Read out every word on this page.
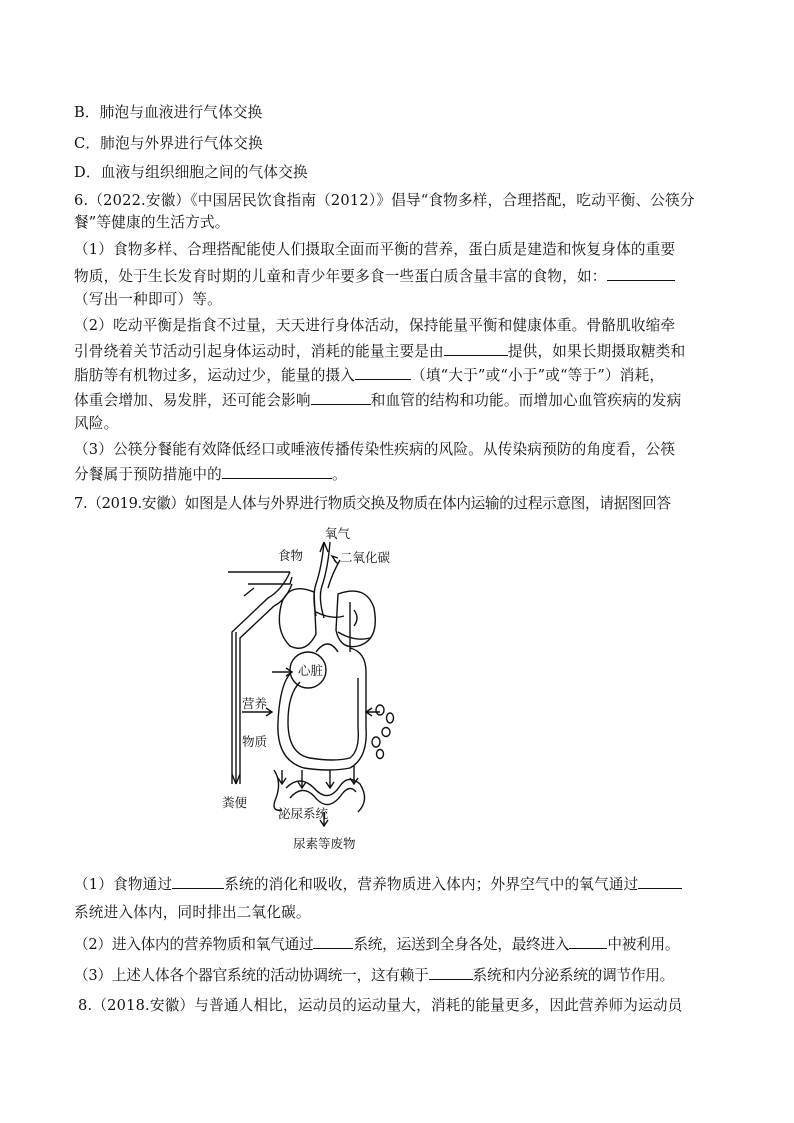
B．肺泡与血液进行气体交换
C．肺泡与外界进行气体交换
D．血液与组织细胞之间的气体交换
6.（2022.安徽）《中国居民饮食指南（2012）》倡导“食物多样，合理搭配，吃动平衡、公筷分
餐”等健康的生活方式。
（1）食物多样、合理搭配能使人们摄取全面而平衡的营养，蛋白质是建造和恢复身体的重要
物质，处于生长发育时期的儿童和青少年要多食一些蛋白质含量丰富的食物，如：
（写出一种即可）等。
（2）吃动平衡是指食不过量，天天进行身体活动，保持能量平衡和健康体重。骨骼肌收缩牵
引骨绕着关节活动引起身体运动时，消耗的能量主要是由	提供，如果长期摄取糖类和
脂肪等有机物过多，运动过少，能量的摄入	（填“大于”或“小于”或“等于”）消耗，
体重会增加、易发胖，还可能会影响	和血管的结构和功能。而增加心血管疾病的发病
风险。
（3）公筷分餐能有效降低经口或唾液传播传染性疾病的风险。从传染病预防的角度看，公筷
分餐属于预防措施中的	。
7.（2019.安徽）如图是人体与外界进行物质交换及物质在体内运输的过程示意图，请据图回答
氧气
食物	二氧化碳
心脏
营养
物质
粪便
泌尿系统
尿素等废物
（1）食物通过	系统的消化和吸收，营养物质进入体内；外界空气中的氧气通过
系统进入体内，同时排出二氧化碳。
（2）进入体内的营养物质和氧气通过	系统，运送到全身各处，最终进入	中被利用。
（3）上述人体各个器官系统的活动协调统一，这有赖于	系统和内分泌系统的调节作用。
8.（2018.安徽）与普通人相比，运动员的运动量大，消耗的能量更多，因此营养师为运动员
